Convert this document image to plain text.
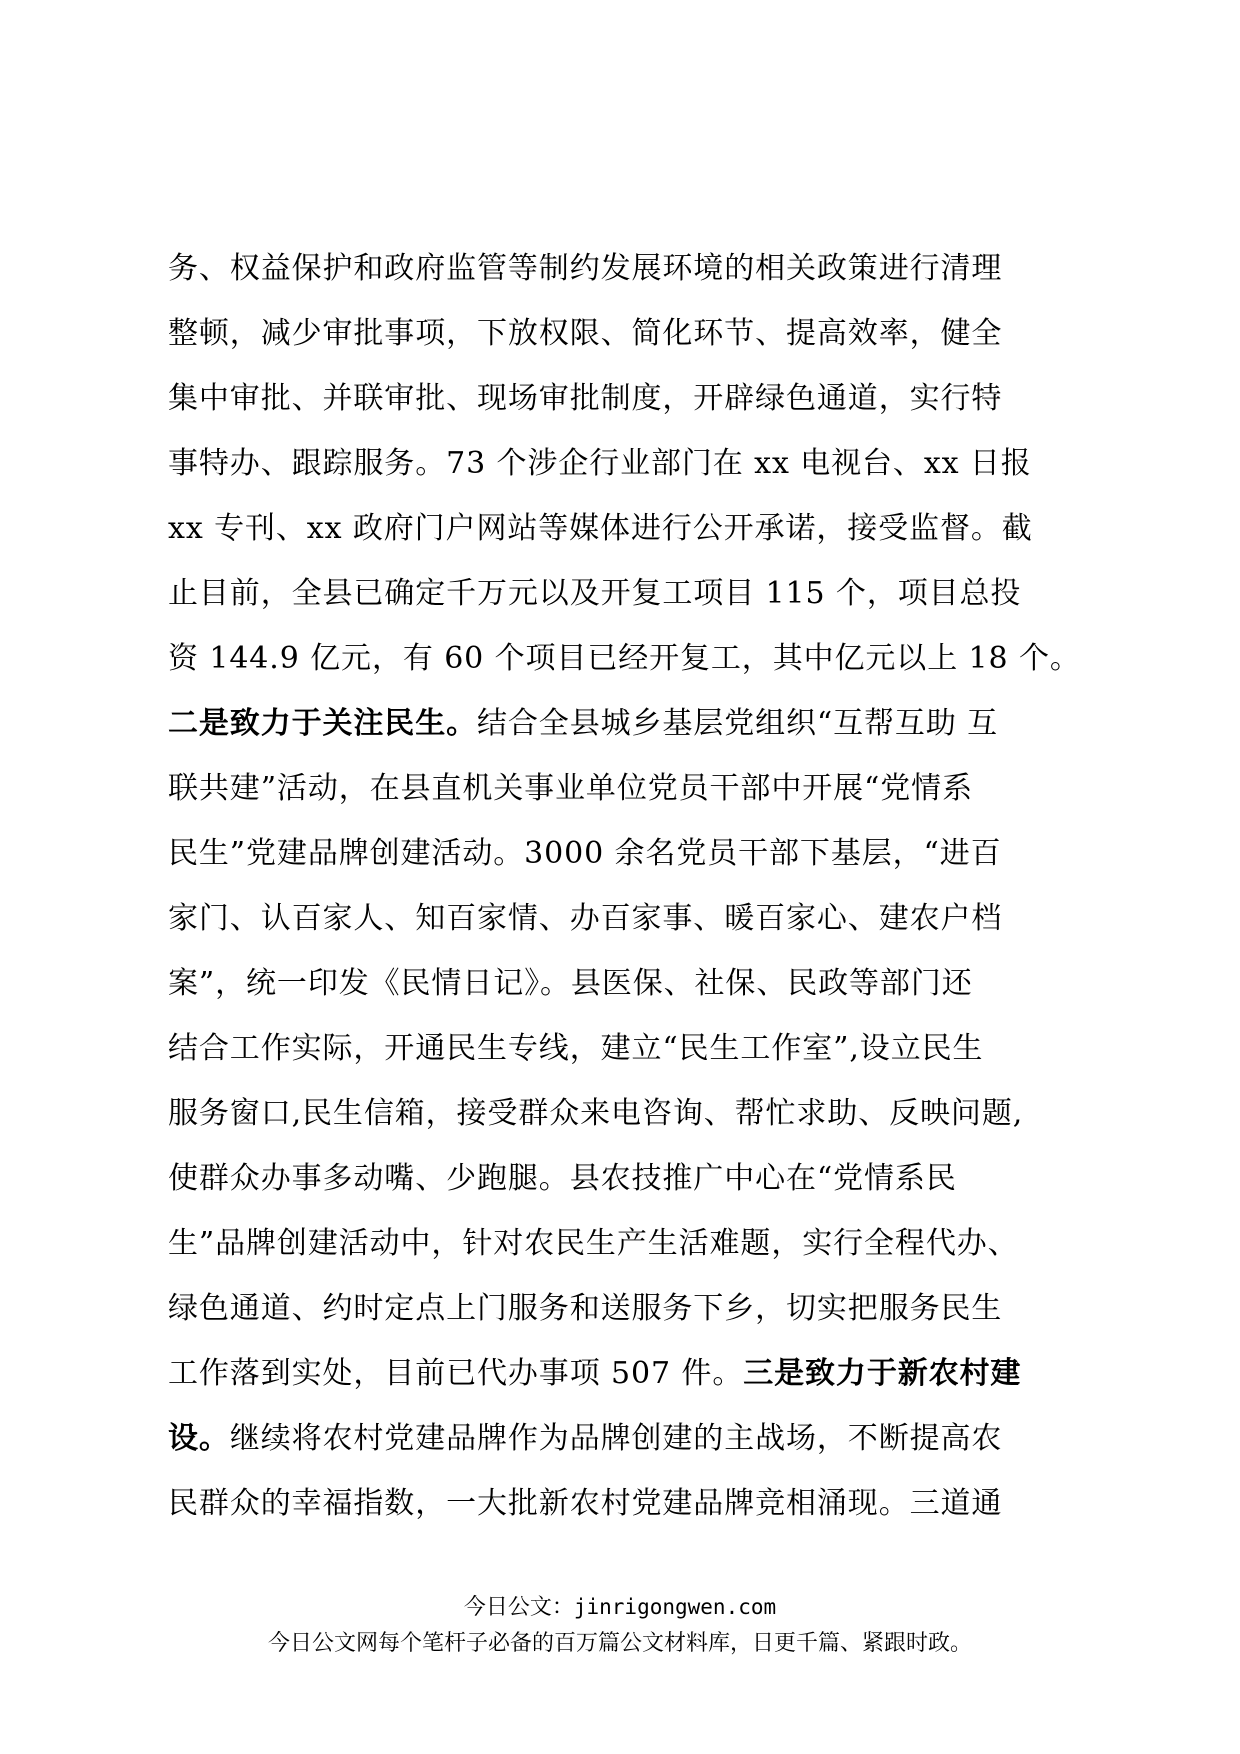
务、权益保护和政府监管等制约发展环境的相关政策进行清理
整顿，减少审批事项，下放权限、简化环节、提高效率，健全
集中审批、并联审批、现场审批制度，开辟绿色通道，实行特
事特办、跟踪服务。73 个涉企行业部门在 xx 电视台、xx 日报
xx 专刊、xx 政府门户网站等媒体进行公开承诺，接受监督。截
止目前，全县已确定千万元以及开复工项目 115 个，项目总投
资 144.9 亿元，有 60 个项目已经开复工，其中亿元以上 18 个。
二是致力于关注民生。结合全县城乡基层党组织“互帮互助 互
联共建”活动，在县直机关事业单位党员干部中开展“党情系
民生”党建品牌创建活动。3000 余名党员干部下基层，“进百
家门、认百家人、知百家情、办百家事、暖百家心、建农户档
案”，统一印发《民情日记》。县医保、社保、民政等部门还
结合工作实际，开通民生专线，建立“民生工作室”,设立民生
服务窗口,民生信箱，接受群众来电咨询、帮忙求助、反映问题,
使群众办事多动嘴、少跑腿。县农技推广中心在“党情系民
生”品牌创建活动中，针对农民生产生活难题，实行全程代办、
绿色通道、约时定点上门服务和送服务下乡，切实把服务民生
工作落到实处，目前已代办事项 507 件。三是致力于新农村建
设。继续将农村党建品牌作为品牌创建的主战场，不断提高农
民群众的幸福指数，一大批新农村党建品牌竞相涌现。三道通
今日公文：jinrigongwen.com
今日公文网每个笔杆子必备的百万篇公文材料库，日更千篇、紧跟时政。
